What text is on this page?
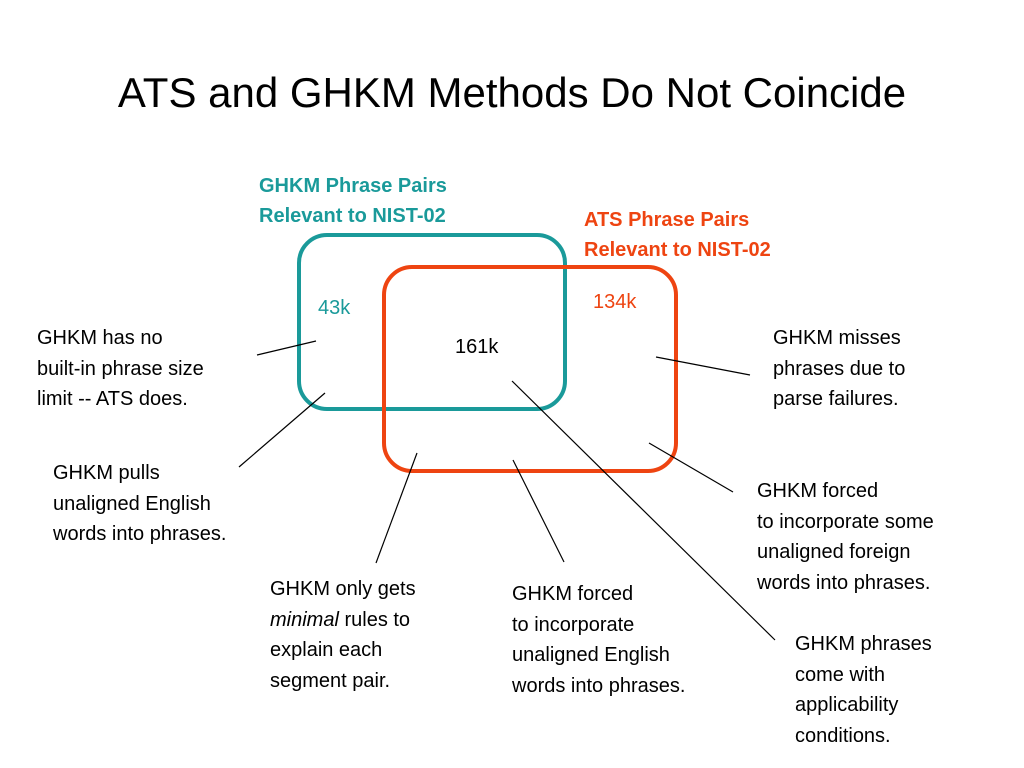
ATS and GHKM Methods Do Not Coincide
GHKM Phrase Pairs
Relevant to NIST-02	ATS Phrase Pairs
Relevant to NIST-02
43k	134k
161k
GHKM has no
built-in phrase size
limit -- ATS does.
GHKM misses
phrases due to
parse failures.
GHKM pulls
unaligned English
words into phrases.
GHKM forced
to incorporate some
unaligned foreign
words into phrases.
GHKM only gets
minimal rules to
explain each
segment pair.
GHKM forced
to incorporate
unaligned English
words into phrases.
GHKM phrases
come with
applicability
conditions.
